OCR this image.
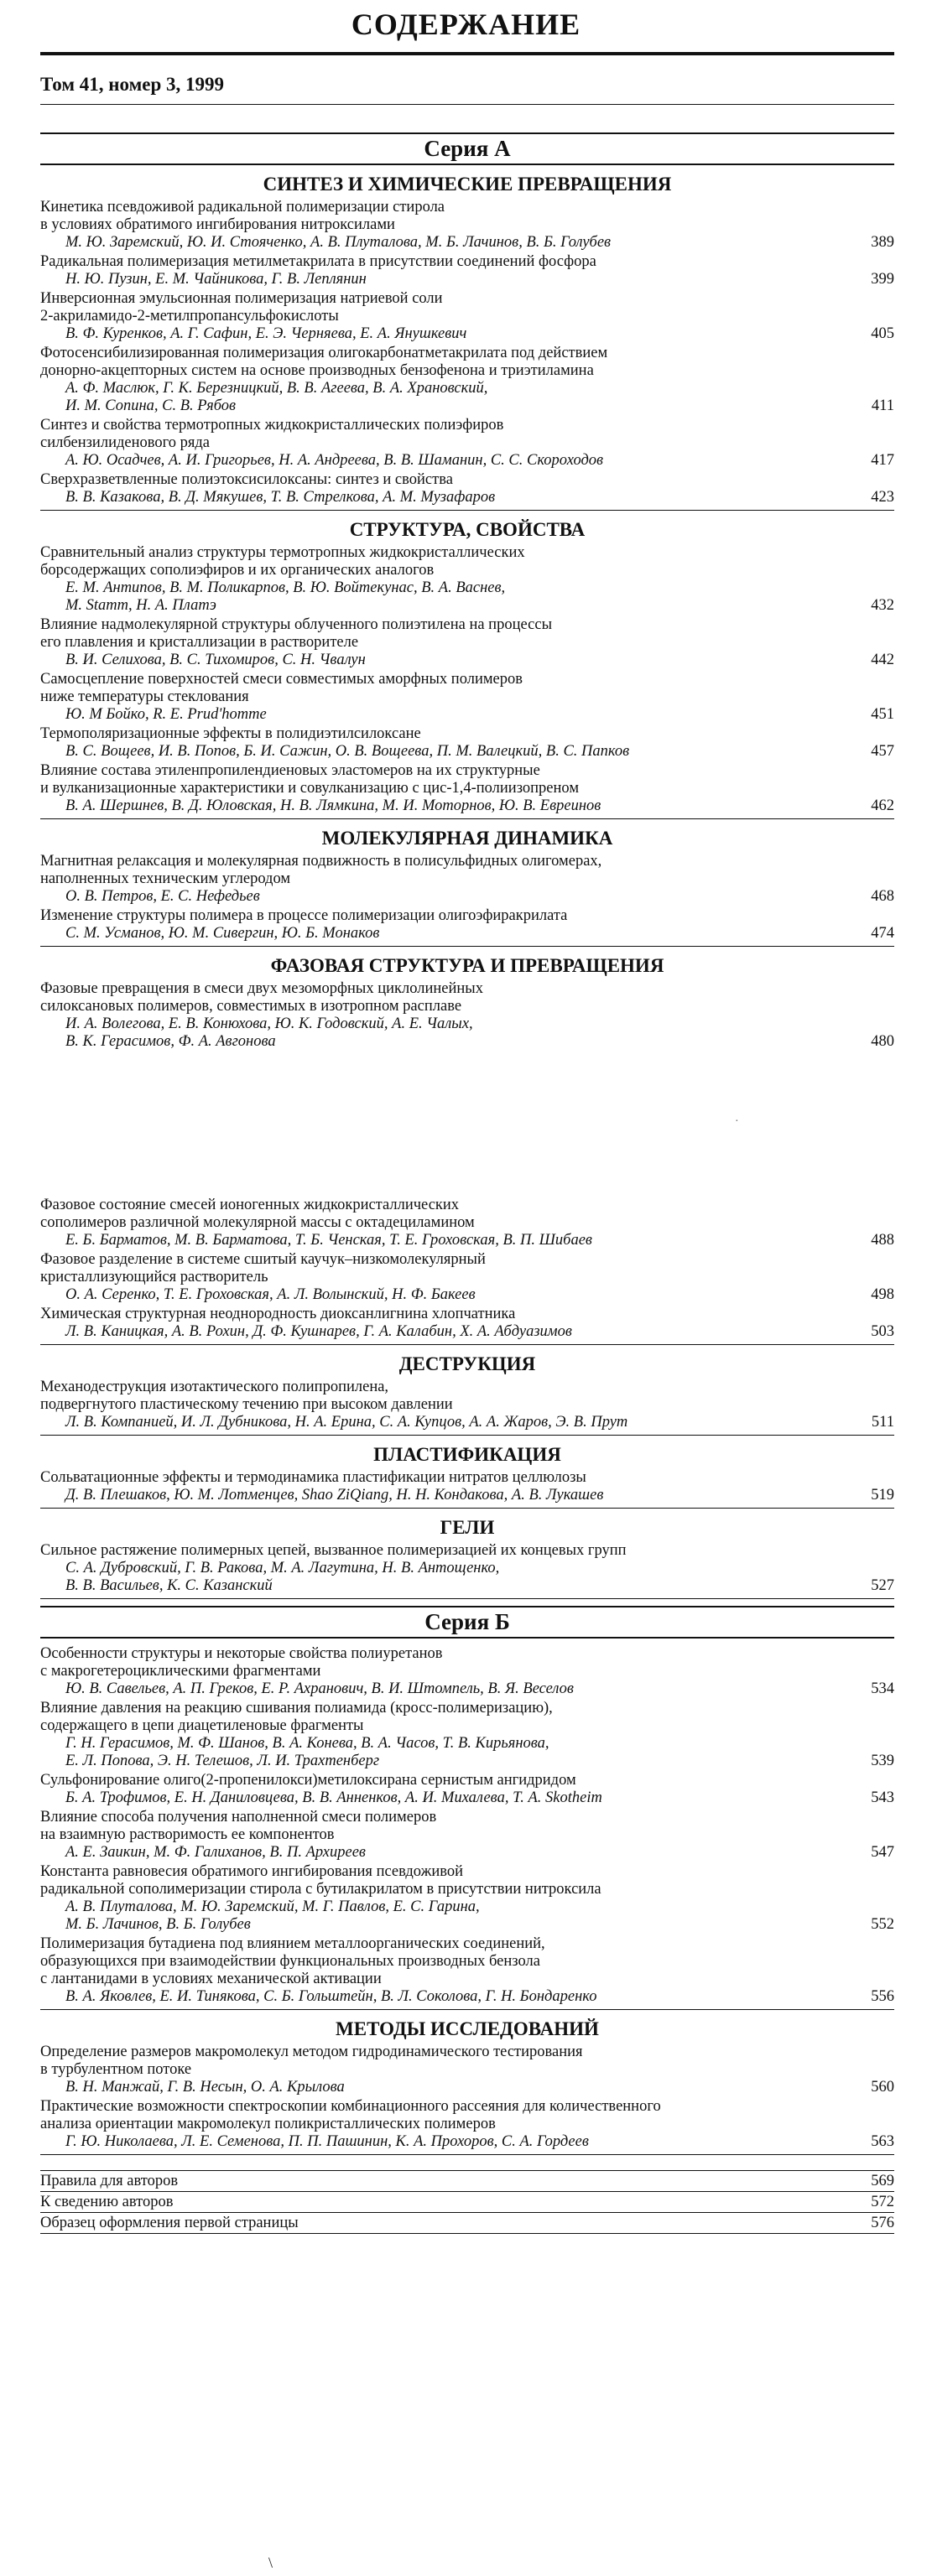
СОДЕРЖАНИЕ
Том 41, номер 3, 1999
Серия А
СИНТЕЗ И ХИМИЧЕСКИЕ ПРЕВРАЩЕНИЯ
Кинетика псевдоживой радикальной полимеризации стирола
в условиях обратимого ингибирования нитроксилами
М. Ю. Заремский, Ю. И. Стояченко, А. В. Плуталова, М. Б. Лачинов, В. Б. Голубев	389
Радикальная полимеризация метилметакрилата в присутствии соединений фосфора
Н. Ю. Пузин, Е. М. Чайникова, Г. В. Леплянин	399
Инверсионная эмульсионная полимеризация натриевой соли
2-акриламидо-2-метилпропансульфокислоты
В. Ф. Куренков, А. Г. Сафин, Е. Э. Черняева, Е. А. Янушкевич	405
Фотосенсибилизированная полимеризация олигокарбонатметакрилата под действием
донорно-акцепторных систем на основе производных бензофенона и триэтиламина
А. Ф. Маслюк, Г. К. Березницкий, В. В. Агеева, В. А. Храновский,
И. М. Сопина, С. В. Рябов	411
Синтез и свойства термотропных жидкокристаллических полиэфиров
силбензилиденового ряда
А. Ю. Осадчев, А. И. Григорьев, Н. А. Андреева, В. В. Шаманин, С. С. Скороходов	417
Сверхразветвленные полиэтоксисилоксаны: синтез и свойства
В. В. Казакова, В. Д. Мякушев, Т. В. Стрелкова, А. М. Музафаров	423
СТРУКТУРА, СВОЙСТВА
Сравнительный анализ структуры термотропных жидкокристаллических
борсодержащих сополиэфиров и их органических аналогов
Е. М. Антипов, В. М. Поликарпов, В. Ю. Войтекунас, В. А. Васнев,
M. Stamm, Н. А. Платэ	432
Влияние надмолекулярной структуры облученного полиэтилена на процессы
его плавления и кристаллизации в растворителе
В. И. Селихова, В. С. Тихомиров, С. Н. Чвалун	442
Самосцепление поверхностей смеси совместимых аморфных полимеров
ниже температуры стеклования
Ю. М Бойко, R. E. Prud'homme	451
Термополяризационные эффекты в полидиэтилсилоксане
В. С. Вощеев, И. В. Попов, Б. И. Сажин, О. В. Вощеева, П. М. Валецкий, В. С. Папков	457
Влияние состава этиленпропилендиеновых эластомеров на их структурные
и вулканизационные характеристики и совулканизацию с цис-1,4-полиизопреном
В. А. Шершнев, В. Д. Юловская, Н. В. Лямкина, М. И. Моторнов, Ю. В. Евреинов	462
МОЛЕКУЛЯРНАЯ ДИНАМИКА
Магнитная релаксация и молекулярная подвижность в полисульфидных олигомерах,
наполненных техническим углеродом
О. В. Петров, Е. С. Нефедьев	468
Изменение структуры полимера в процессе полимеризации олигоэфиракрилата
С. М. Усманов, Ю. М. Сивергин, Ю. Б. Монаков	474
ФАЗОВАЯ СТРУКТУРА И ПРЕВРАЩЕНИЯ
Фазовые превращения в смеси двух мезоморфных циклолинейных
силоксановых полимеров, совместимых в изотропном расплаве
И. А. Волегова, Е. В. Конюхова, Ю. К. Годовский, А. Е. Чалых,
В. К. Герасимов, Ф. А. Авгонова	480
Фазовое состояние смесей ионогенных жидкокристаллических
сополимеров различной молекулярной массы с октадециламином
Е. Б. Барматов, М. В. Барматова, Т. Б. Ченская, Т. Е. Гроховская, В. П. Шибаев	488
Фазовое разделение в системе сшитый каучук–низкомолекулярный
кристаллизующийся растворитель
О. А. Серенко, Т. Е. Гроховская, А. Л. Волынский, Н. Ф. Бакеев	498
Химическая структурная неоднородность диоксанлигнина хлопчатника
Л. В. Каницкая, А. В. Рохин, Д. Ф. Кушнарев, Г. А. Калабин, Х. А. Абдуазимов	503
ДЕСТРУКЦИЯ
Механодеструкция изотактического полипропилена,
подвергнутого пластическому течению при высоком давлении
Л. В. Компанией, И. Л. Дубникова, Н. А. Ерина, С. А. Купцов, А. А. Жаров, Э. В. Прут	511
ПЛАСТИФИКАЦИЯ
Сольватационные эффекты и термодинамика пластификации нитратов целлюлозы
Д. В. Плешаков, Ю. М. Лотменцев, Shao ZiQiang, Н. Н. Кондакова, А. В. Лукашев	519
ГЕЛИ
Сильное растяжение полимерных цепей, вызванное полимеризацией их концевых групп
С. А. Дубровский, Г. В. Ракова, М. А. Лагутина, Н. В. Антощенко,
В. В. Васильев, К. С. Казанский	527
Серия Б
Особенности структуры и некоторые свойства полиуретанов
с макрогетероциклическими фрагментами
Ю. В. Савельев, А. П. Греков, Е. Р. Ахранович, В. И. Штомпель, В. Я. Веселов	534
Влияние давления на реакцию сшивания полиамида (кросс-полимеризацию),
содержащего в цепи диацетиленовые фрагменты
Г. Н. Герасимов, М. Ф. Шанов, В. А. Конева, В. А. Часов, Т. В. Кирьянова,
Е. Л. Попова, Э. Н. Телешов, Л. И. Трахтенберг	539
Сульфонирование олиго(2-пропенилокси)метилоксирана сернистым ангидридом
Б. А. Трофимов, Е. Н. Даниловцева, В. В. Анненков, А. И. Михалева, Т. А. Skotheim	543
Влияние способа получения наполненной смеси полимеров
на взаимную растворимость ее компонентов
А. Е. Заикин, М. Ф. Галиханов, В. П. Архиреев	547
Константа равновесия обратимого ингибирования псевдоживой
радикальной сополимеризации стирола с бутилакрилатом в присутствии нитроксила
А. В. Плуталова, М. Ю. Заремский, М. Г. Павлов, Е. С. Гарина,
М. Б. Лачинов, В. Б. Голубев	552
Полимеризация бутадиена под влиянием металлоорганических соединений,
образующихся при взаимодействии функциональных производных бензола
с лантанидами в условиях механической активации
В. А. Яковлев, Е. И. Тинякова, С. Б. Гольштейн, В. Л. Соколова, Г. Н. Бондаренко	556
МЕТОДЫ ИССЛЕДОВАНИЙ
Определение размеров макромолекул методом гидродинамического тестирования
в турбулентном потоке
В. Н. Манжай, Г. В. Несын, О. А. Крылова	560
Практические возможности спектроскопии комбинационного рассеяния для количественного
анализа ориентации макромолекул поликристаллических полимеров
Г. Ю. Николаева, Л. Е. Семенова, П. П. Пашинин, К. А. Прохоров, С. А. Гордеев	563
Правила для авторов	569
К сведению авторов	572
Образец оформления первой страницы	576
·
\
